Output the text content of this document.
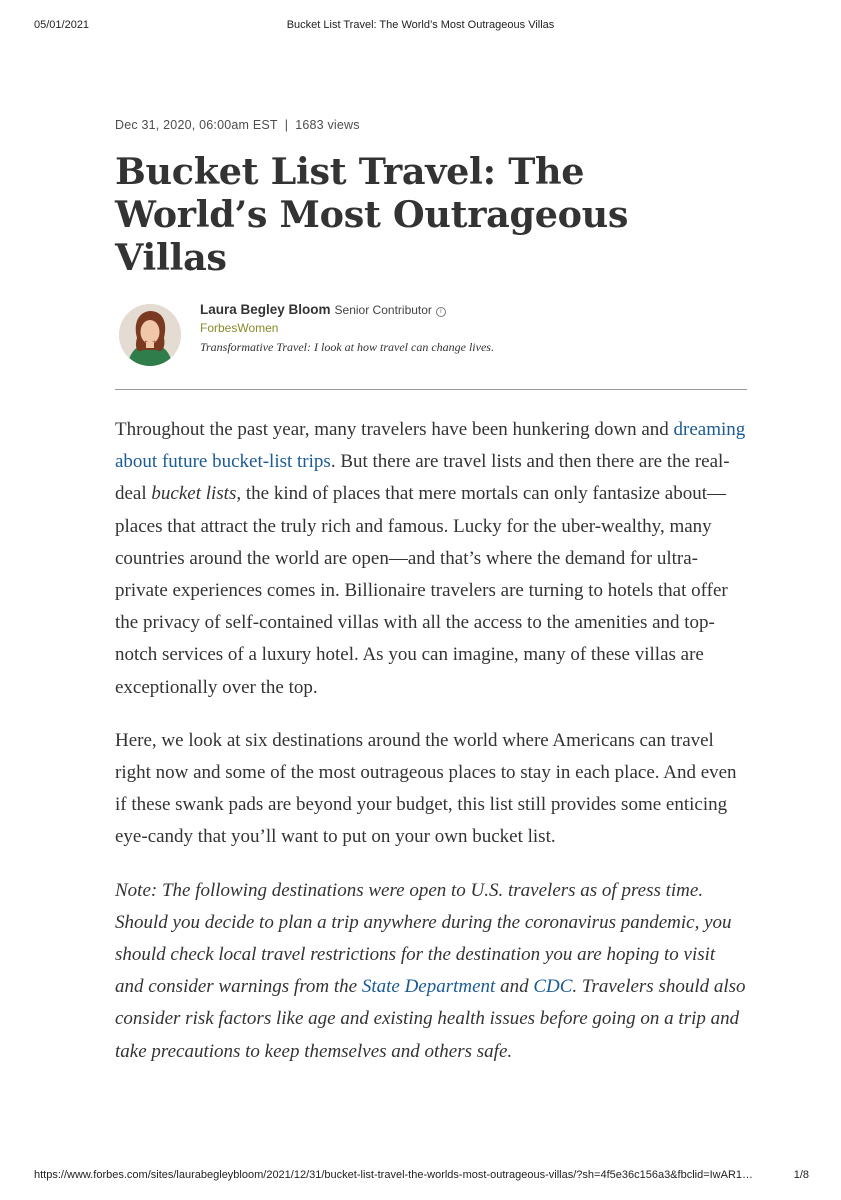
05/01/2021	Bucket List Travel: The World’s Most Outrageous Villas
Dec 31, 2020, 06:00am EST | 1683 views
Bucket List Travel: The World’s Most Outrageous Villas
Laura Begley Bloom Senior Contributor i
ForbesWomen
Transformative Travel: I look at how travel can change lives.

Throughout the past year, many travelers have been hunkering down and dreaming about future bucket-list trips. But there are travel lists and then there are the real-deal bucket lists, the kind of places that mere mortals can only fantasize about—places that attract the truly rich and famous. Lucky for the uber-wealthy, many countries around the world are open—and that’s where the demand for ultra-private experiences comes in. Billionaire travelers are turning to hotels that offer the privacy of self-contained villas with all the access to the amenities and top-notch services of a luxury hotel. As you can imagine, many of these villas are exceptionally over the top.

Here, we look at six destinations around the world where Americans can travel right now and some of the most outrageous places to stay in each place. And even if these swank pads are beyond your budget, this list still provides some enticing eye-candy that you’ll want to put on your own bucket list.

Note: The following destinations were open to U.S. travelers as of press time. Should you decide to plan a trip anywhere during the coronavirus pandemic, you should check local travel restrictions for the destination you are hoping to visit and consider warnings from the State Department and CDC. Travelers should also consider risk factors like age and existing health issues before going on a trip and take precautions to keep themselves and others safe.

https://www.forbes.com/sites/laurabegleybloom/2021/12/31/bucket-list-travel-the-worlds-most-outrageous-villas/?sh=4f5e36c156a3&fbclid=IwAR1…	1/8
